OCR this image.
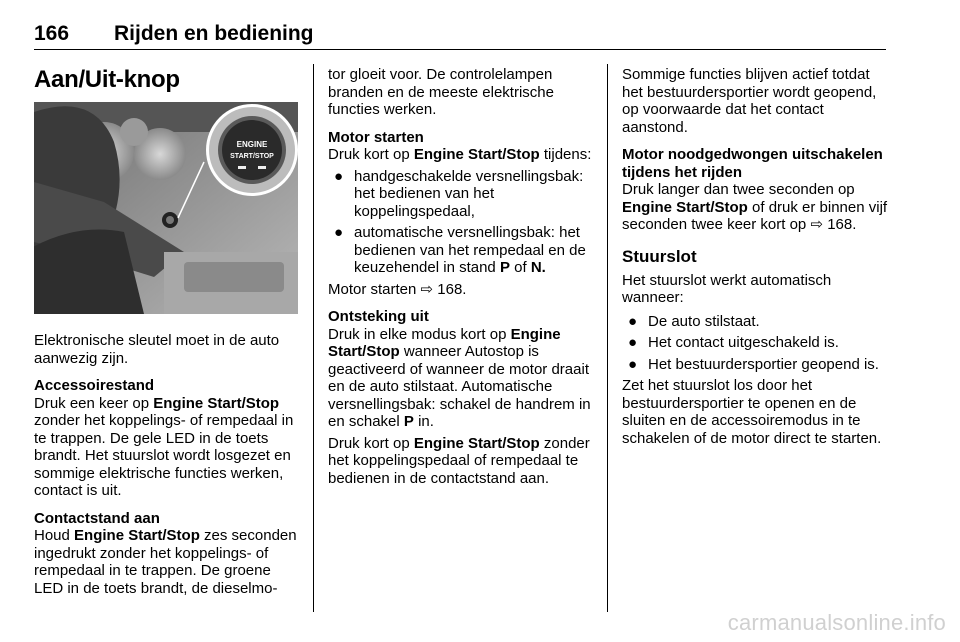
166 Rijden en bediening
Aan/Uit-knop
ENGINE
START/STOP

Elektronische sleutel moet in de auto aanwezig zijn.

Accessoirestand
Druk een keer op Engine Start/Stop zonder het koppelings- of rempedaal in te trappen. De gele LED in de toets brandt. Het stuurslot wordt losgezet en sommige elektrische functies werken, contact is uit.

Contactstand aan
Houd Engine Start/Stop zes seconden ingedrukt zonder het koppelings- of rempedaal in te trappen. De groene LED in de toets brandt, de dieselmo-

tor gloeit voor. De controlelampen branden en de meeste elektrische functies werken.

Motor starten
Druk kort op Engine Start/Stop tijdens:

● handgeschakelde versnellingsbak: het bedienen van het koppelingspedaal,
● automatische versnellingsbak: het bedienen van het rempedaal en de keuzehendel in stand P of N.

Motor starten ⇨ 168.

Ontsteking uit
Druk in elke modus kort op Engine Start/Stop wanneer Autostop is geactiveerd of wanneer de motor draait en de auto stilstaat. Automatische versnellingsbak: schakel de handrem in en schakel P in.

Druk kort op Engine Start/Stop zonder het koppelingspedaal of rempedaal te bedienen in de contactstand aan.

Sommige functies blijven actief totdat het bestuurdersportier wordt geopend, op voorwaarde dat het contact aanstond.

Motor noodgedwongen uitschakelen tijdens het rijden
Druk langer dan twee seconden op Engine Start/Stop of druk er binnen vijf seconden twee keer kort op ⇨ 168.

Stuurslot

Het stuurslot werkt automatisch wanneer:

● De auto stilstaat.
● Het contact uitgeschakeld is.
● Het bestuurdersportier geopend is.

Zet het stuurslot los door het bestuurdersportier te openen en de sluiten en de accessoiremodus in te schakelen of de motor direct te starten.

carmanualsonline.info
